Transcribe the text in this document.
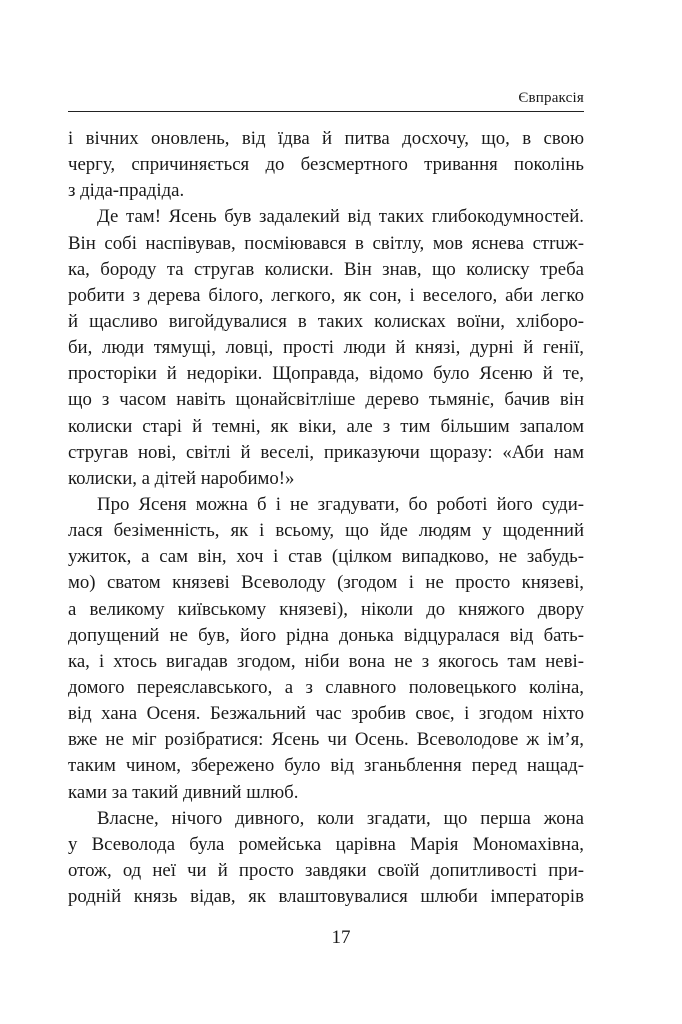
Євпраксія
і вічних оновлень, від їдва й питва досхочу, що, в свою
чергу, спричиняється до безсмертного тривання поколінь
з діда-прадіда.
Де там! Ясень був задалекий від таких глибокодумностей.
Він собі наспівував, посміювався в світлу, мов яснева стruж-
ка, бороду та стругав колиски. Він знав, що колиску треба
робити з дерева білого, легкого, як сон, і веселого, аби легко
й щасливо вигойдувалися в таких колисках воїни, хліборо-
би, люди тямущі, ловці, прості люди й князі, дурні й генії,
просторіки й недоріки. Щоправда, відомо було Ясеню й те,
що з часом навіть щонайсвітліше дерево тьмяніє, бачив він
колиски старі й темні, як віки, але з тим більшим запалом
стругав нові, світлі й веселі, приказуючи щоразу: «Аби нам
колиски, а дітей наробимо!»
Про Ясеня можна б і не згадувати, бо роботі його суди-
лася безіменність, як і всьому, що йде людям у щоденний
ужиток, а сам він, хоч і став (цілком випадково, не забудь-
мо) сватом князеві Всеволоду (згодом і не просто князеві,
а великому київському князеві), ніколи до княжого двору
допущений не був, його рідна донька відцуралася від бать-
ка, і хтось вигадав згодом, ніби вона не з якогось там неві-
домого переяславського, а з славного половецького коліна,
від хана Осеня. Безжальний час зробив своє, і згодом ніхто
вже не міг розібратися: Ясень чи Осень. Всеволодове ж ім’я,
таким чином, збережено було від зганьблення перед нащад-
ками за такий дивний шлюб.
Власне, нічого дивного, коли згадати, що перша жона
у Всеволода була ромейська царівна Марія Мономахівна,
отож, од неї чи й просто завдяки своїй допитливості при-
родній князь відав, як влаштовувалися шлюби імператорів
17
